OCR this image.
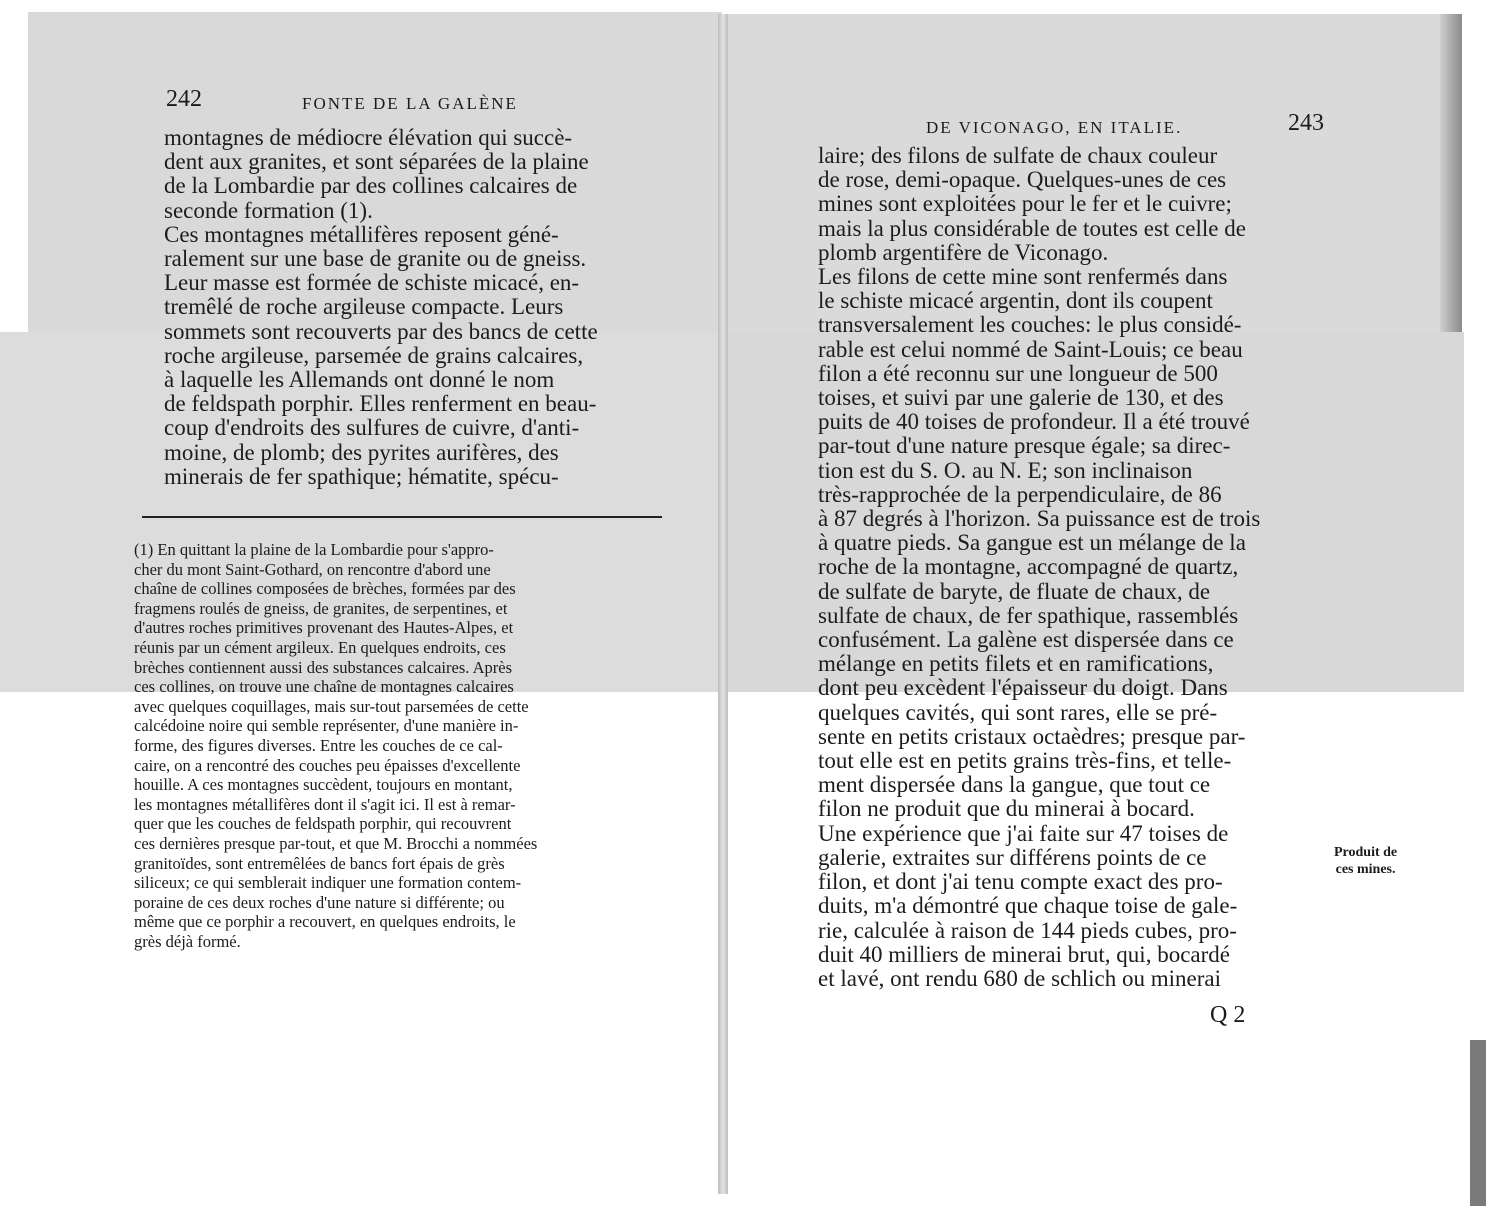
242	FONTE DE LA GALÈNE
montagnes de médiocre élévation qui succè-
dent aux granites, et sont séparées de la plaine
de la Lombardie par des collines calcaires de
seconde formation (1).
Ces montagnes métallifères reposent géné-
ralement sur une base de granite ou de gneiss.
Leur masse est formée de schiste micacé, en-
tremêlé de roche argileuse compacte. Leurs
sommets sont recouverts par des bancs de cette
roche argileuse, parsemée de grains calcaires,
à laquelle les Allemands ont donné le nom
de feldspath porphir. Elles renferment en beau-
coup d'endroits des sulfures de cuivre, d'anti-
moine, de plomb; des pyrites aurifères, des
minerais de fer spathique; hématite, spécu-
(1) En quittant la plaine de la Lombardie pour s'appro-
cher du mont Saint-Gothard, on rencontre d'abord une
chaîne de collines composées de brèches, formées par des
fragmens roulés de gneiss, de granites, de serpentines, et
d'autres roches primitives provenant des Hautes-Alpes, et
réunis par un cément argileux. En quelques endroits, ces
brèches contiennent aussi des substances calcaires. Après
ces collines, on trouve une chaîne de montagnes calcaires
avec quelques coquillages, mais sur-tout parsemées de cette
calcédoine noire qui semble représenter, d'une manière in-
forme, des figures diverses. Entre les couches de ce cal-
caire, on a rencontré des couches peu épaisses d'excellente
houille. A ces montagnes succèdent, toujours en montant,
les montagnes métallifères dont il s'agit ici. Il est à remar-
quer que les couches de feldspath porphir, qui recouvrent
ces dernières presque par-tout, et que M. Brocchi a nommées
granitoïdes, sont entremêlées de bancs fort épais de grès
siliceux; ce qui semblerait indiquer une formation contem-
poraine de ces deux roches d'une nature si différente; ou
même que ce porphir a recouvert, en quelques endroits, le
grès déjà formé.
DE VICONAGO, EN ITALIE.	243
laire; des filons de sulfate de chaux couleur
de rose, demi-opaque. Quelques-unes de ces
mines sont exploitées pour le fer et le cuivre;
mais la plus considérable de toutes est celle de
plomb argentifère de Viconago.
Les filons de cette mine sont renfermés dans
le schiste micacé argentin, dont ils coupent
transversalement les couches: le plus considé-
rable est celui nommé de Saint-Louis; ce beau
filon a été reconnu sur une longueur de 500
toises, et suivi par une galerie de 130, et des
puits de 40 toises de profondeur. Il a été trouvé
par-tout d'une nature presque égale; sa direc-
tion est du S. O. au N. E; son inclinaison
très-rapprochée de la perpendiculaire, de 86
à 87 degrés à l'horizon. Sa puissance est de trois
à quatre pieds. Sa gangue est un mélange de la
roche de la montagne, accompagné de quartz,
de sulfate de baryte, de fluate de chaux, de
sulfate de chaux, de fer spathique, rassemblés
confusément. La galène est dispersée dans ce
mélange en petits filets et en ramifications,
dont peu excèdent l'épaisseur du doigt. Dans
quelques cavités, qui sont rares, elle se pré-
sente en petits cristaux octaèdres; presque par-
tout elle est en petits grains très-fins, et telle-
ment dispersée dans la gangue, que tout ce
filon ne produit que du minerai à bocard.
Une expérience que j'ai faite sur 47 toises de
galerie, extraites sur différens points de ce
filon, et dont j'ai tenu compte exact des pro-
duits, m'a démontré que chaque toise de gale-
rie, calculée à raison de 144 pieds cubes, pro-
duit 40 milliers de minerai brut, qui, bocardé
et lavé, ont rendu 680 de schlich ou minerai
Produit de
ces mines.
Q 2
